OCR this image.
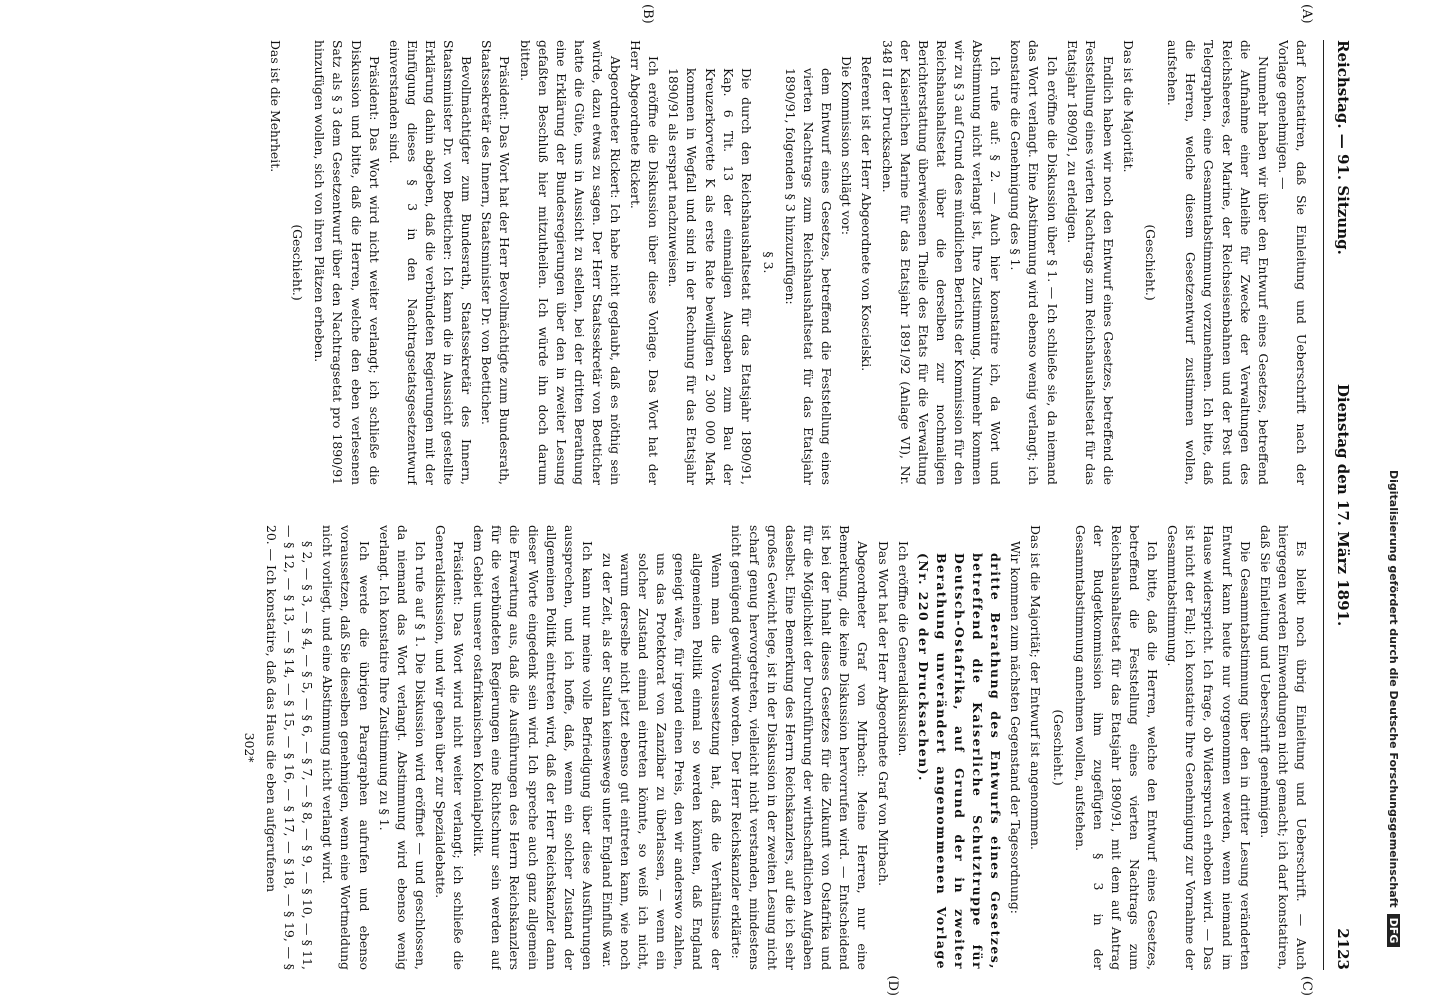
Reichstag. — 91. Sitzung.
Dienstag den 17. März 1891.
2123
(A)
(B)
(C)
(D)

darf konstatiren, daß Sie Einleitung und Ueberschrift nach der Vorlage genehmigen. —

Nunmehr haben wir über den Entwurf eines Gesetzes, betreffend die Aufnahme einer Anleihe für Zwecke der Verwaltungen des Reichsheeres, der Marine, der Reichseisenbahnen und der Post und Telegraphen, eine Gesammtabstimmung vorzunehmen. Ich bitte, daß die Herren, welche diesem Gesetzentwurf zustimmen wollen, aufstehen.

(Geschieht.)

Das ist die Majorität.

Endlich haben wir noch den Entwurf eines Gesetzes, betreffend die Feststellung eines vierten Nachtrags zum Reichshaushaltsetat für das Etatsjahr 1890/91, zu erledigen.

Ich eröffne die Diskussion über § 1. — Ich schließe sie, da niemand das Wort verlangt. Eine Abstimmung wird ebenso wenig verlangt; ich konstatire die Genehmigung des § 1.

Ich rufe auf: § 2. — Auch hier konstatire ich, da Wort und Abstimmung nicht verlangt ist, Ihre Zustimmung. Nunmehr kommen wir zu § 3 auf Grund des mündlichen Berichts der Kommission für den Reichshaushaltsetat über die derselben zur nochmaligen Berichterstattung überwiesenen Theile des Etats für die Verwaltung der Kaiserlichen Marine für das Etatsjahr 1891/92 (Anlage VI), Nr. 348 II der Drucksachen.

Referent ist der Herr Abgeordnete von Koscielski.

Die Kommission schlägt vor:

dem Entwurf eines Gesetzes, betreffend die Feststellung eines vierten Nachtrags zum Reichshaushaltsetat für das Etatsjahr 1890/91, folgenden § 3 hinzuzufügen:

§ 3.

Die durch den Reichshaushaltsetat für das Etatsjahr 1890/91, Kap. 6 Tit. 13 der einmaligen Ausgaben zum Bau der Kreuzerkorvette K als erste Rate bewilligten 2 300 000 Mark kommen in Wegfall und sind in der Rechnung für das Etatsjahr 1890/91 als erspart nachzuweisen.

Ich eröffne die Diskussion über diese Vorlage. Das Wort hat der Herr Abgeordnete Rickert.

Abgeordneter Rickert: Ich habe nicht geglaubt, daß es nöthig sein würde, dazu etwas zu sagen. Der Herr Staatssekretär von Boetticher hatte die Güte, uns in Aussicht zu stellen, bei der dritten Berathung eine Erklärung der Bundesregierungen über den in zweiter Lesung gefaßten Beschluß hier mitzutheilen. Ich würde ihn doch darum bitten.

Präsident: Das Wort hat der Herr Bevollmächtigte zum Bundesrath, Staatssekretär des Innern, Staatsminister Dr. von Boetticher.

Bevollmächtigter zum Bundesrath, Staatssekretär des Innern, Staatsminister Dr. von Boetticher: Ich kann die in Aussicht gestellte Erklärung dahin abgeben, daß die verbündeten Regierungen mit der Einfügung dieses § 3 in den Nachtragsetatsgesetzentwurf einverstanden sind.

Präsident: Das Wort wird nicht weiter verlangt; ich schließe die Diskussion und bitte, daß die Herren, welche den eben verlesenen Satz als § 3 dem Gesetzentwurf über den Nachtragsetat pro 1890/91 hinzufügen wollen, sich von ihren Plätzen erheben.

(Geschieht.)

Das ist die Mehrheit.

Es bleibt noch übrig Einleitung und Ueberschrift. — Auch hiergegen werden Einwendungen nicht gemacht; ich darf konstatiren, daß Sie Einleitung und Ueberschrift genehmigen.

Die Gesammtabstimmung über den in dritter Lesung veränderten Entwurf kann heute nur vorgenommen werden, wenn niemand im Hause widerspricht. Ich frage, ob Widerspruch erhoben wird. — Das ist nicht der Fall; ich konstatire Ihre Genehmigung zur Vornahme der Gesammtabstimmung.

Ich bitte, daß die Herren, welche den Entwurf eines Gesetzes, betreffend die Feststellung eines vierten Nachtrags zum Reichshaushaltsetat für das Etatsjahr 1890/91, mit dem auf Antrag der Budgetkommission ihm zugefügten § 3 in der Gesammtabstimmung annehmen wollen, aufstehen.

(Geschieht.)

Das ist die Majorität; der Entwurf ist angenommen.

Wir kommen zum nächsten Gegenstand der Tagesordnung:

dritte Berathung des Entwurfs eines Gesetzes, betreffend die Kaiserliche Schutztruppe für Deutsch-Ostafrika, auf Grund der in zweiter Berathung unverändert angenommenen Vorlage (Nr. 220 der Drucksachen).

Ich eröffne die Generaldiskussion.

Das Wort hat der Herr Abgeordnete Graf von Mirbach.

Abgeordneter Graf von Mirbach: Meine Herren, nur eine Bemerkung, die keine Diskussion hervorrufen wird. — Entscheidend ist bei der Inhalt dieses Gesetzes für die Zukunft von Ostafrika und für die Möglichkeit der Durchführung der wirthschaftlichen Aufgaben daselbst. Eine Bemerkung des Herrn Reichskanzlers, auf die ich sehr großes Gewicht lege, ist in der Diskussion in der zweiten Lesung nicht scharf genug hervorgetreten, vielleicht nicht verstanden, mindestens nicht genügend gewürdigt worden. Der Herr Reichskanzler erklärte:

Wenn man die Voraussetzung hat, daß die Verhältnisse der allgemeinen Politik einmal so werden könnten, daß England geneigt wäre, für irgend einen Preis, den wir anderswo zahlen, uns das Protektorat von Zanzibar zu überlassen, — wenn ein solcher Zustand einmal eintreten könnte, so weiß ich nicht, warum derselbe nicht jetzt ebenso gut eintreten kann, wie noch zu der Zeit, als der Sultan keineswegs unter England Einfluß war.

Ich kann nur meine volle Befriedigung über diese Ausführungen aussprechen, und ich hoffe, daß, wenn ein solcher Zustand der allgemeinen Politik eintreten wird, daß der Herr Reichskanzler dann dieser Worte eingedenk sein wird. Ich spreche auch ganz allgemein die Erwartung aus, daß die Ausführungen des Herrn Reichskanzlers für die verbündeten Regierungen eine Richtschnur sein werden auf dem Gebiet unserer ostafrikanischen Kolonialpolitik.

Präsident: Das Wort wird nicht weiter verlangt; ich schließe die Generaldiskussion, und wir gehen über zur Spezialdebatte.

Ich rufe auf § 1. Die Diskussion wird eröffnet — und geschlossen, da niemand das Wort verlangt. Abstimmung wird ebenso wenig verlangt. Ich konstatire Ihre Zustimmung zu § 1.

Ich werde die übrigen Paragraphen aufrufen und ebenso voraussetzen, daß Sie dieselben genehmigen, wenn eine Wortmeldung nicht vorliegt, und eine Abstimmung nicht verlangt wird.

§ 2, — § 3, — § 4, — § 5, — § 6, — § 7, — § 8, — § 9, — § 10, — § 11, — § 12, — § 13, — § 14, — § 15, — § 16, — § 17, — § 18, — § 19, — § 20. — Ich konstatire, daß das Haus die eben aufgerufenen

302*	Digitalisierung gefördert durch die Deutsche ForschungsgemeinschaftDFG
